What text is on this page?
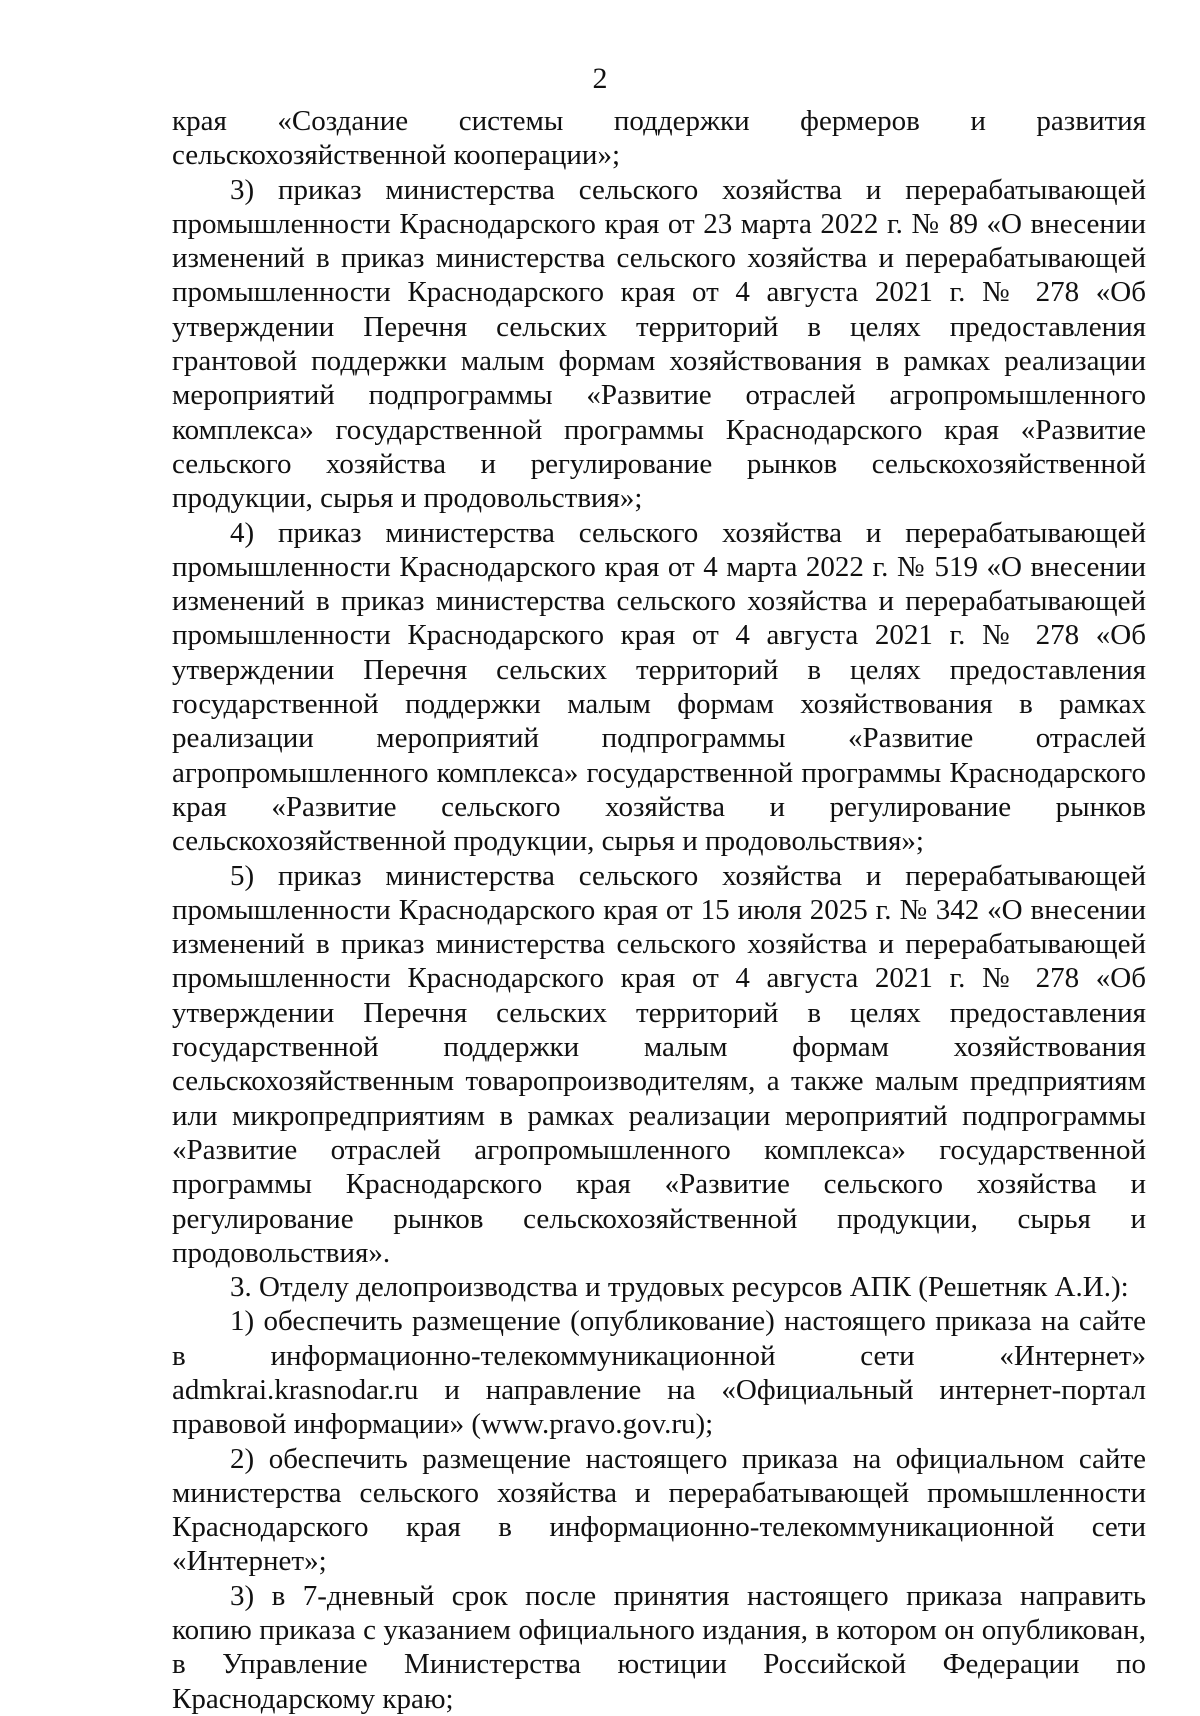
2

края «Создание системы поддержки фермеров и развития сельскохозяйственной кооперации»;

3) приказ министерства сельского хозяйства и перерабатывающей промышленности Краснодарского края от 23 марта 2022 г. № 89 «О внесении изменений в приказ министерства сельского хозяйства и перерабатывающей промышленности Краснодарского края от 4 августа 2021 г. № 278 «Об утверждении Перечня сельских территорий в целях предоставления грантовой поддержки малым формам хозяйствования в рамках реализации мероприятий подпрограммы «Развитие отраслей агропромышленного комплекса» государственной программы Краснодарского края «Развитие сельского хозяйства и регулирование рынков сельскохозяйственной продукции, сырья и продовольствия»;

4) приказ министерства сельского хозяйства и перерабатывающей промышленности Краснодарского края от 4 марта 2022 г. № 519 «О внесении изменений в приказ министерства сельского хозяйства и перерабатывающей промышленности Краснодарского края от 4 августа 2021 г. № 278 «Об утверждении Перечня сельских территорий в целях предоставления государственной поддержки малым формам хозяйствования в рамках реализации мероприятий подпрограммы «Развитие отраслей агропромышленного комплекса» государственной программы Краснодарского края «Развитие сельского хозяйства и регулирование рынков сельскохозяйственной продукции, сырья и продовольствия»;

5) приказ министерства сельского хозяйства и перерабатывающей промышленности Краснодарского края от 15 июля 2025 г. № 342 «О внесении изменений в приказ министерства сельского хозяйства и перерабатывающей промышленности Краснодарского края от 4 августа 2021 г. № 278 «Об утверждении Перечня сельских территорий в целях предоставления государственной поддержки малым формам хозяйствования сельскохозяйственным товаропроизводителям, а также малым предприятиям или микропредприятиям в рамках реализации мероприятий подпрограммы «Развитие отраслей агропромышленного комплекса» государственной программы Краснодарского края «Развитие сельского хозяйства и регулирование рынков сельскохозяйственной продукции, сырья и продовольствия».

3. Отделу делопроизводства и трудовых ресурсов АПК (Решетняк А.И.):

1) обеспечить размещение (опубликование) настоящего приказа на сайте в информационно-телекоммуникационной сети «Интернет» admkrai.krasnodar.ru и направление на «Официальный интернет-портал правовой информации» (www.pravo.gov.ru);

2) обеспечить размещение настоящего приказа на официальном сайте министерства сельского хозяйства и перерабатывающей промышленности Краснодарского края в информационно-телекоммуникационной сети «Интернет»;

3) в 7-дневный срок после принятия настоящего приказа направить копию приказа с указанием официального издания, в котором он опубликован, в Управление Министерства юстиции Российской Федерации по Краснодарскому краю;
